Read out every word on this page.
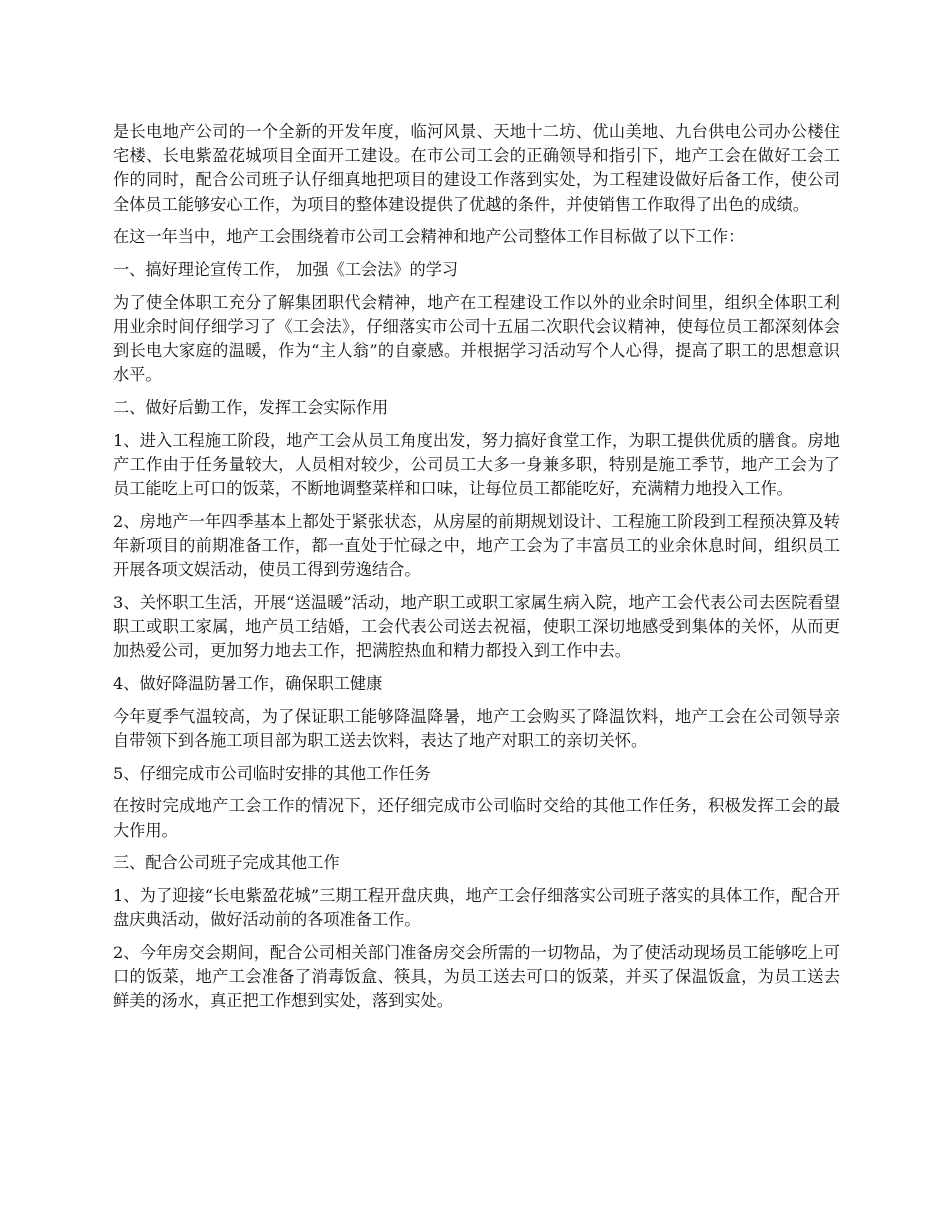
是长电地产公司的一个全新的开发年度，临河风景、天地十二坊、优山美地、九台供电公司办公楼住宅楼、长电紫盈花城项目全面开工建设。在市公司工会的正确领导和指引下，地产工会在做好工会工作的同时，配合公司班子认仔细真地把项目的建设工作落到实处，为工程建设做好后备工作，使公司全体员工能够安心工作，为项目的整体建设提供了优越的条件，并使销售工作取得了出色的成绩。

在这一年当中，地产工会围绕着市公司工会精神和地产公司整体工作目标做了以下工作：

一、搞好理论宣传工作， 加强《工会法》的学习

为了使全体职工充分了解集团职代会精神，地产在工程建设工作以外的业余时间里，组织全体职工利用业余时间仔细学习了《工会法》，仔细落实市公司十五届二次职代会议精神，使每位员工都深刻体会到长电大家庭的温暖，作为“主人翁”的自豪感。并根据学习活动写个人心得，提高了职工的思想意识水平。

二、做好后勤工作，发挥工会实际作用

1、进入工程施工阶段，地产工会从员工角度出发，努力搞好食堂工作，为职工提供优质的膳食。房地产工作由于任务量较大，人员相对较少，公司员工大多一身兼多职，特别是施工季节，地产工会为了员工能吃上可口的饭菜，不断地调整菜样和口味，让每位员工都能吃好，充满精力地投入工作。

2、房地产一年四季基本上都处于紧张状态，从房屋的前期规划设计、工程施工阶段到工程预决算及转年新项目的前期准备工作，都一直处于忙碌之中，地产工会为了丰富员工的业余休息时间，组织员工开展各项文娱活动，使员工得到劳逸结合。

3、关怀职工生活，开展“送温暖”活动，地产职工或职工家属生病入院，地产工会代表公司去医院看望职工或职工家属，地产员工结婚，工会代表公司送去祝福，使职工深切地感受到集体的关怀，从而更加热爱公司，更加努力地去工作，把满腔热血和精力都投入到工作中去。

4、做好降温防暑工作，确保职工健康

今年夏季气温较高，为了保证职工能够降温降暑，地产工会购买了降温饮料，地产工会在公司领导亲自带领下到各施工项目部为职工送去饮料，表达了地产对职工的亲切关怀。

5、仔细完成市公司临时安排的其他工作任务

在按时完成地产工会工作的情况下，还仔细完成市公司临时交给的其他工作任务，积极发挥工会的最大作用。

三、配合公司班子完成其他工作

1、为了迎接“长电紫盈花城”三期工程开盘庆典，地产工会仔细落实公司班子落实的具体工作，配合开盘庆典活动，做好活动前的各项准备工作。

2、今年房交会期间，配合公司相关部门准备房交会所需的一切物品，为了使活动现场员工能够吃上可口的饭菜，地产工会准备了消毒饭盒、筷具，为员工送去可口的饭菜，并买了保温饭盒，为员工送去鲜美的汤水，真正把工作想到实处，落到实处。
